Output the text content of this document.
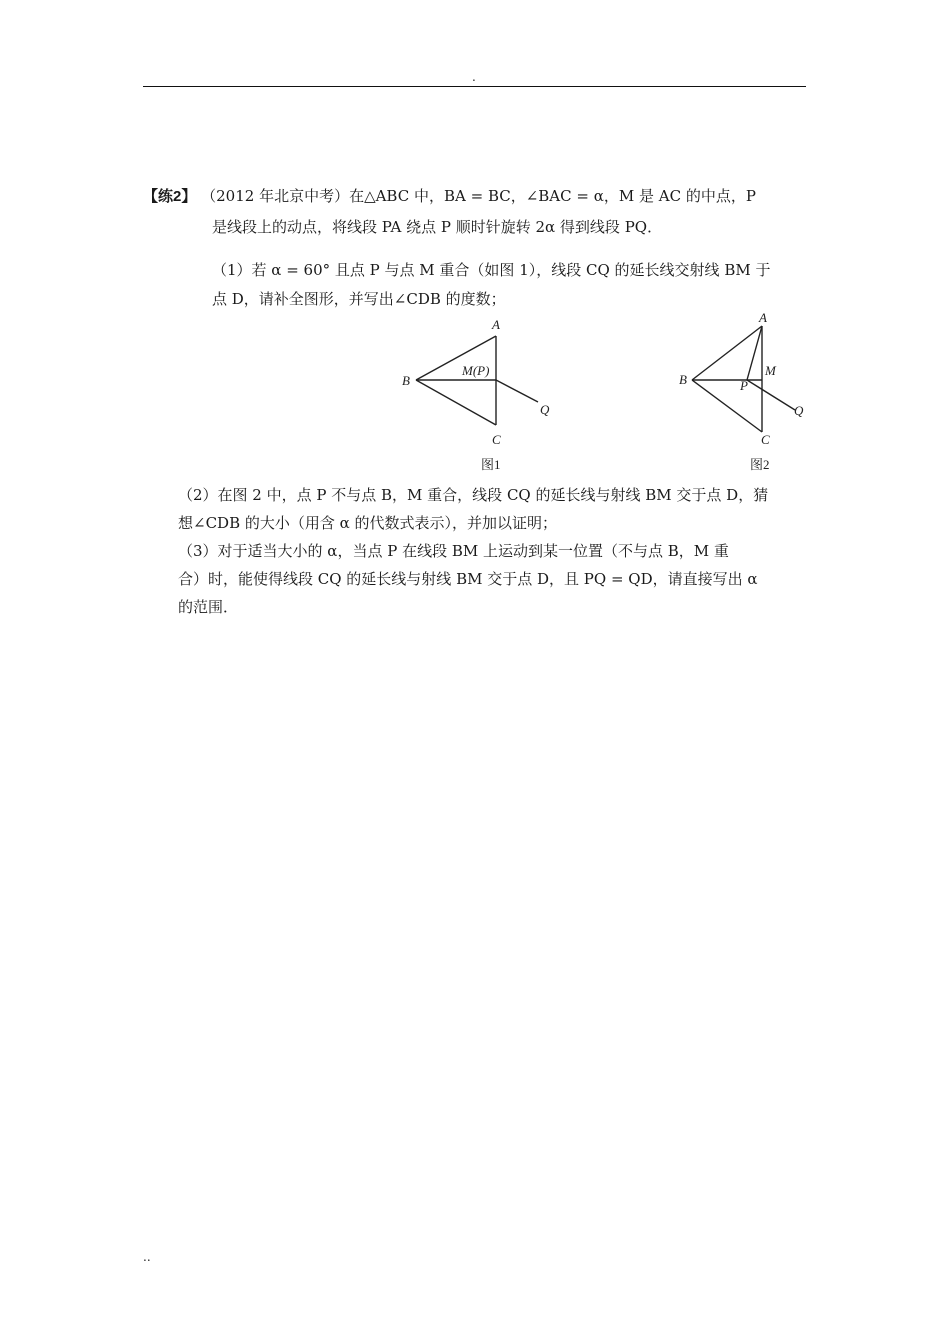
.
【练2】 （2012 年北京中考）在△ABC 中，BA = BC，∠BAC = α，M 是 AC 的中点，P
是线段上的动点，将线段 PA 绕点 P 顺时针旋转 2α 得到线段 PQ．
（1）若 α = 60° 且点 P 与点 M 重合（如图 1），线段 CQ 的延长线交射线 BM 于
点 D，请补全图形，并写出∠CDB 的度数；
A
B
C
M(P)
Q
图1
A
B
C
M
P
Q
图2
（2）在图 2 中，点 P 不与点 B，M 重合，线段 CQ 的延长线与射线 BM 交于点 D，猜
想∠CDB 的大小（用含 α 的代数式表示），并加以证明；
（3）对于适当大小的 α，当点 P 在线段 BM 上运动到某一位置（不与点 B，M 重
合）时，能使得线段 CQ 的延长线与射线 BM 交于点 D，且 PQ = QD，请直接写出 α
的范围．
..
